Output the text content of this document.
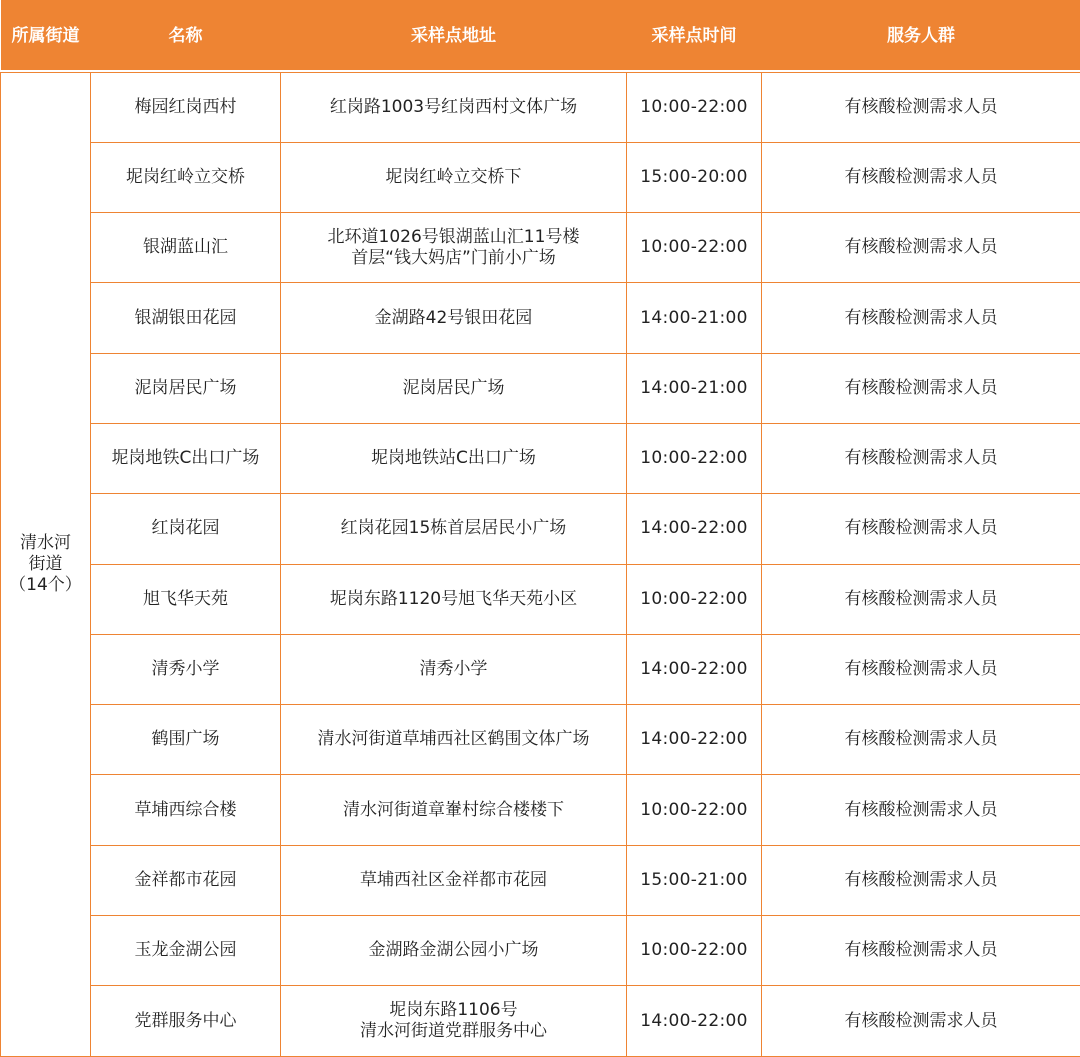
所属街道	名称	采样点地址	采样点时间	服务人群

清水河
街道
（14个）	梅园红岗西村	红岗路1003号红岗西村文体广场	10:00-22:00	有核酸检测需求人员
	坭岗红岭立交桥	坭岗红岭立交桥下	15:00-20:00	有核酸检测需求人员
	银湖蓝山汇	北环道1026号银湖蓝山汇11号楼
首层“钱大妈店”门前小广场	10:00-22:00	有核酸检测需求人员
	银湖银田花园	金湖路42号银田花园	14:00-21:00	有核酸检测需求人员
	泥岗居民广场	泥岗居民广场	14:00-21:00	有核酸检测需求人员
	坭岗地铁C出口广场	坭岗地铁站C出口广场	10:00-22:00	有核酸检测需求人员
	红岗花园	红岗花园15栋首层居民小广场	14:00-22:00	有核酸检测需求人员
	旭飞华天苑	坭岗东路1120号旭飞华天苑小区	10:00-22:00	有核酸检测需求人员
	清秀小学	清秀小学	14:00-22:00	有核酸检测需求人员
	鹤围广场	清水河街道草埔西社区鹤围文体广场	14:00-22:00	有核酸检测需求人员
	草埔西综合楼	清水河街道章輋村综合楼楼下	10:00-22:00	有核酸检测需求人员
	金祥都市花园	草埔西社区金祥都市花园	15:00-21:00	有核酸检测需求人员
	玉龙金湖公园	金湖路金湖公园小广场	10:00-22:00	有核酸检测需求人员
	党群服务中心	坭岗东路1106号
清水河街道党群服务中心	14:00-22:00	有核酸检测需求人员
